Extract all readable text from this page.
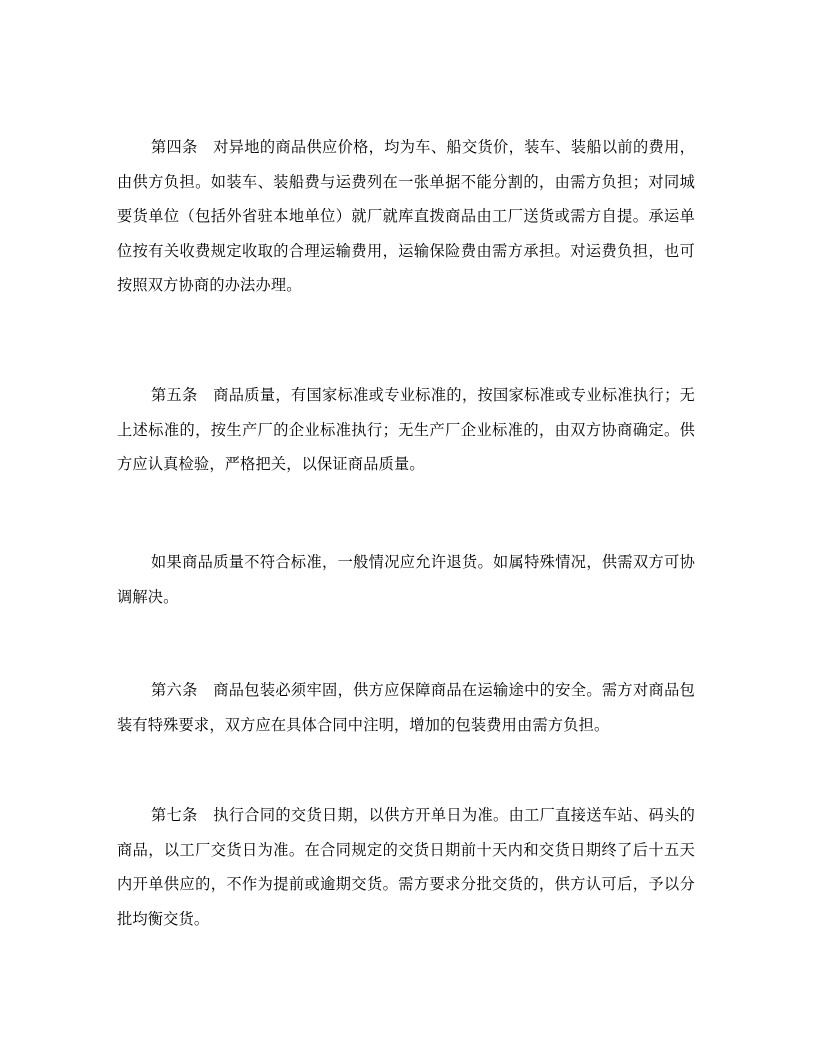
第四条　对异地的商品供应价格，均为车、船交货价，装车、装船以前的费用，由供方负担。如装车、装船费与运费列在一张单据不能分割的，由需方负担；对同城要货单位（包括外省驻本地单位）就厂就库直拨商品由工厂送货或需方自提。承运单位按有关收费规定收取的合理运输费用，运输保险费由需方承担。对运费负担，也可按照双方协商的办法办理。

第五条　商品质量，有国家标准或专业标准的，按国家标准或专业标准执行；无上述标准的，按生产厂的企业标准执行；无生产厂企业标准的，由双方协商确定。供方应认真检验，严格把关，以保证商品质量。

如果商品质量不符合标准，一般情况应允许退货。如属特殊情况，供需双方可协调解决。

第六条　商品包装必须牢固，供方应保障商品在运输途中的安全。需方对商品包装有特殊要求，双方应在具体合同中注明，增加的包装费用由需方负担。

第七条　执行合同的交货日期，以供方开单日为准。由工厂直接送车站、码头的商品，以工厂交货日为准。在合同规定的交货日期前十天内和交货日期终了后十五天内开单供应的，不作为提前或逾期交货。需方要求分批交货的，供方认可后，予以分批均衡交货。
